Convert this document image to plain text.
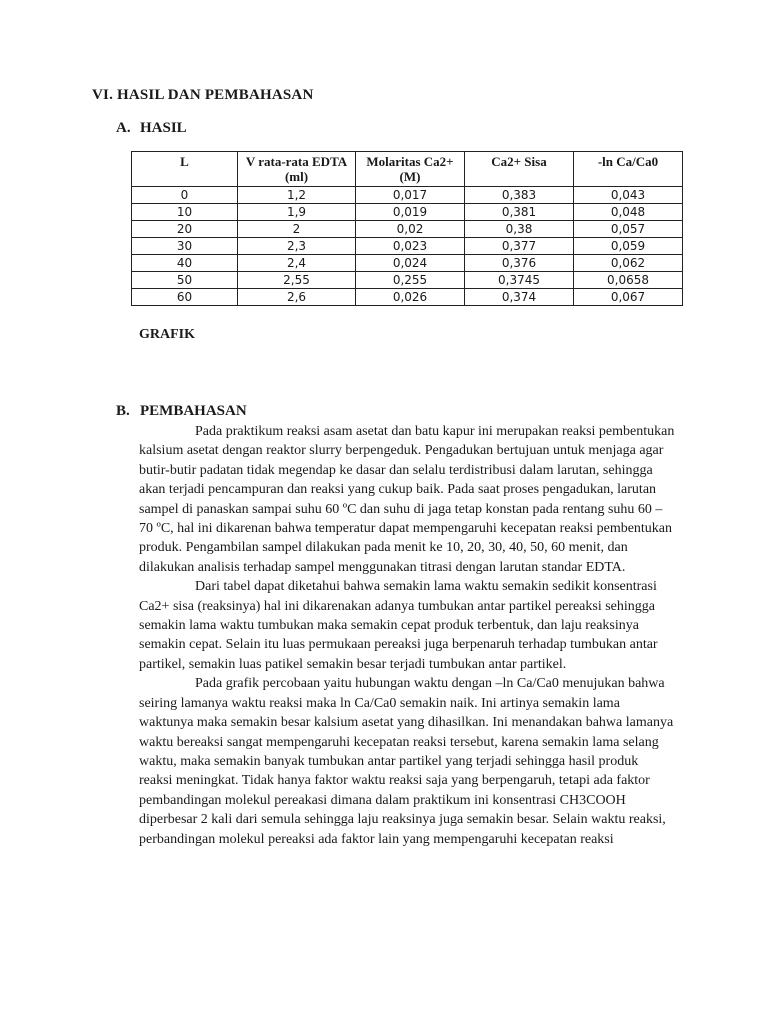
VI. HASIL DAN PEMBAHASAN
A. HASIL
L	V rata-rata EDTA (ml)	Molaritas Ca2+ (M)	Ca2+ Sisa	-ln Ca/Ca0
0	1,2	0,017	0,383	0,043
10	1,9	0,019	0,381	0,048
20	2	0,02	0,38	0,057
30	2,3	0,023	0,377	0,059
40	2,4	0,024	0,376	0,062
50	2,55	0,255	0,3745	0,0658
60	2,6	0,026	0,374	0,067
GRAFIK
B. PEMBAHASAN

Pada praktikum reaksi asam asetat dan batu kapur ini merupakan reaksi pembentukan kalsium asetat dengan reaktor slurry berpengeduk. Pengadukan bertujuan untuk menjaga agar butir-butir padatan tidak megendap ke dasar dan selalu terdistribusi dalam larutan, sehingga akan terjadi pencampuran dan reaksi yang cukup baik. Pada saat proses pengadukan, larutan sampel di panaskan sampai suhu 60 ºC dan suhu di jaga tetap konstan pada rentang suhu 60 – 70 ºC, hal ini dikarenan bahwa temperatur dapat mempengaruhi kecepatan reaksi pembentukan produk. Pengambilan sampel dilakukan pada menit ke 10, 20, 30, 40, 50, 60 menit, dan dilakukan analisis terhadap sampel menggunakan titrasi dengan larutan standar EDTA.

Dari tabel dapat diketahui bahwa semakin lama waktu semakin sedikit konsentrasi Ca2+ sisa (reaksinya) hal ini dikarenakan adanya tumbukan antar partikel pereaksi sehingga semakin lama waktu tumbukan maka semakin cepat produk terbentuk, dan laju reaksinya semakin cepat. Selain itu luas permukaan pereaksi juga berpenaruh terhadap tumbukan antar partikel, semakin luas patikel semakin besar terjadi tumbukan antar partikel.

Pada grafik percobaan yaitu hubungan waktu dengan –ln Ca/Ca0 menujukan bahwa seiring lamanya waktu reaksi maka ln Ca/Ca0 semakin naik. Ini artinya semakin lama waktunya maka semakin besar kalsium asetat yang dihasilkan. Ini menandakan bahwa lamanya waktu bereaksi sangat mempengaruhi kecepatan reaksi tersebut, karena semakin lama selang waktu, maka semakin banyak tumbukan antar partikel yang terjadi sehingga hasil produk reaksi meningkat. Tidak hanya faktor waktu reaksi saja yang berpengaruh, tetapi ada faktor pembandingan molekul pereakasi dimana dalam praktikum ini konsentrasi CH3COOH diperbesar 2 kali dari semula sehingga laju reaksinya juga semakin besar. Selain waktu reaksi, perbandingan molekul pereaksi ada faktor lain yang mempengaruhi kecepatan reaksi
